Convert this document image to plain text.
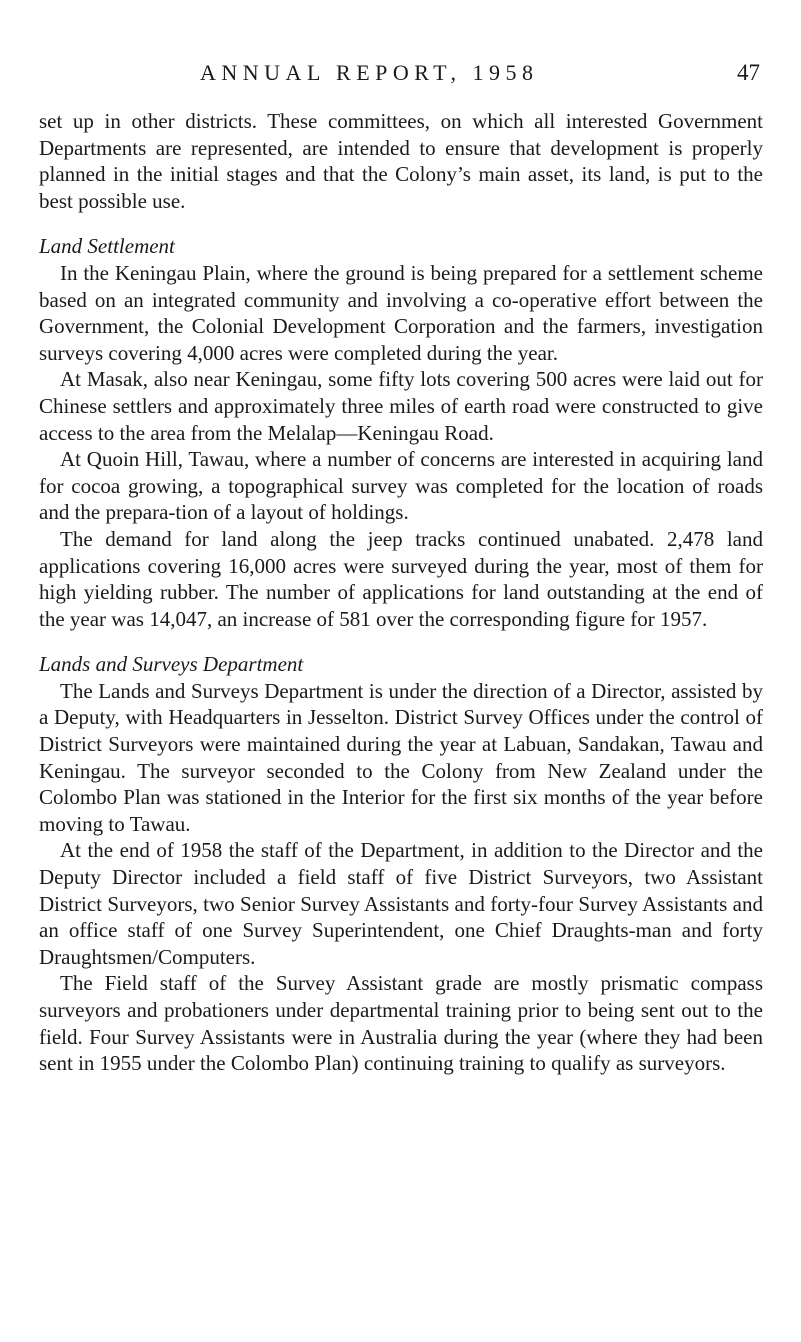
ANNUAL REPORT, 1958	47

set up in other districts. These committees, on which all interested Government Departments are represented, are intended to ensure that development is properly planned in the initial stages and that the Colony’s main asset, its land, is put to the best possible use.

Land Settlement

In the Keningau Plain, where the ground is being prepared for a settlement scheme based on an integrated community and involving a co-operative effort between the Government, the Colonial Development Corporation and the farmers, investigation surveys covering 4,000 acres were completed during the year.

At Masak, also near Keningau, some fifty lots covering 500 acres were laid out for Chinese settlers and approximately three miles of earth road were constructed to give access to the area from the Melalap—Keningau Road.

At Quoin Hill, Tawau, where a number of concerns are interested in acquiring land for cocoa growing, a topographical survey was completed for the location of roads and the prepara-tion of a layout of holdings.

The demand for land along the jeep tracks continued unabated. 2,478 land applications covering 16,000 acres were surveyed during the year, most of them for high yielding rubber. The number of applications for land outstanding at the end of the year was 14,047, an increase of 581 over the corresponding figure for 1957.

Lands and Surveys Department

The Lands and Surveys Department is under the direction of a Director, assisted by a Deputy, with Headquarters in Jesselton. District Survey Offices under the control of District Surveyors were maintained during the year at Labuan, Sandakan, Tawau and Keningau. The surveyor seconded to the Colony from New Zealand under the Colombo Plan was stationed in the Interior for the first six months of the year before moving to Tawau.

At the end of 1958 the staff of the Department, in addition to the Director and the Deputy Director included a field staff of five District Surveyors, two Assistant District Surveyors, two Senior Survey Assistants and forty-four Survey Assistants and an office staff of one Survey Superintendent, one Chief Draughts-man and forty Draughtsmen/Computers.

The Field staff of the Survey Assistant grade are mostly prismatic compass surveyors and probationers under departmental training prior to being sent out to the field. Four Survey Assistants were in Australia during the year (where they had been sent in 1955 under the Colombo Plan) continuing training to qualify as surveyors.
